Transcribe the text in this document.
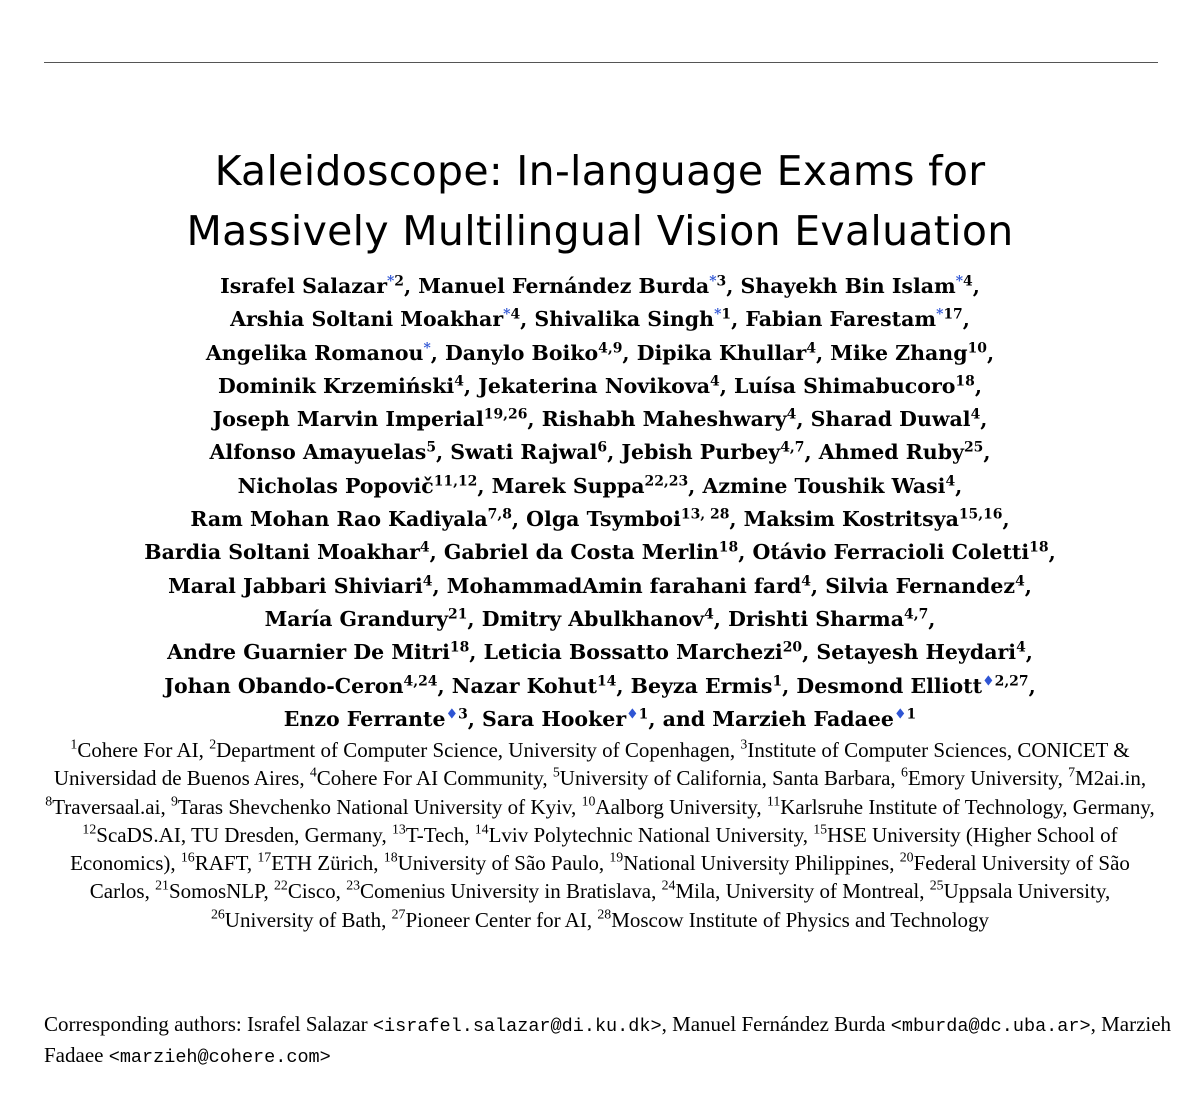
Kaleidoscope: In-language Exams for
Massively Multilingual Vision Evaluation
Israfel Salazar$^{*2}$, Manuel Fernández Burda$^{*3}$, Shayekh Bin Islam$^{*4}$,
Arshia Soltani Moakhar$^{*4}$, Shivalika Singh$^{*1}$, Fabian Farestam$^{*17}$,
Angelika Romanou*, Danylo Boiko$^{4,9}$, Dipika Khullar$^4$, Mike Zhang$^{10}$,
Dominik Krzemiński$^4$, Jekaterina Novikova$^4$, Luísa Shimabucoro$^{18}$,
Joseph Marvin Imperial$^{19,26}$, Rishabh Maheshwary$^4$, Sharad Duwal$^4$,
Alfonso Amayuelas$^5$, Swati Rajwal$^6$, Jebish Purbey$^{4,7}$, Ahmed Ruby$^{25}$,
Nicholas Popovič$^{11,12}$, Marek Suppa$^{22,23}$, Azmine Toushik Wasi$^4$,
Ram Mohan Rao Kadiyala$^{7,8}$, Olga Tsymboi$^{13, 28}$, Maksim Kostritsya$^{15,16}$,
Bardia Soltani Moakhar$^4$, Gabriel da Costa Merlin$^{18}$, Otávio Ferracioli Coletti$^{18}$,
Maral Jabbari Shiviari$^4$, MohammadAmin farahani fard$^4$, Silvia Fernandez$^4$,
María Grandury$^{21}$, Dmitry Abulkhanov$^4$, Drishti Sharma$^{4,7}$,
Andre Guarnier De Mitri$^{18}$, Leticia Bossatto Marchezi$^{20}$, Setayesh Heydari$^4$,
Johan Obando-Ceron$^{4,24}$, Nazar Kohut$^{14}$, Beyza Ermis$^1$, Desmond Elliott$^{♦2,27}$,
Enzo Ferrante$^{♦3}$, Sara Hooker$^{♦1}$, and Marzieh Fadaee$^{♦1}$
$^1$Cohere For AI, $^2$Department of Computer Science, University of Copenhagen, $^3$Institute of Computer Sciences, CONICET & Universidad de Buenos Aires, $^4$Cohere For AI Community, $^5$University of California, Santa Barbara, $^6$Emory University, $^7$M2ai.in, $^8$Traversaal.ai, $^9$Taras Shevchenko National University of Kyiv, $^{10}$Aalborg University, $^{11}$Karlsruhe Institute of Technology, Germany, $^{12}$ScaDS.AI, TU Dresden, Germany, $^{13}$T-Tech, $^{14}$Lviv Polytechnic National University, $^{15}$HSE University (Higher School of Economics), $^{16}$RAFT, $^{17}$ETH Zürich, $^{18}$University of São Paulo, $^{19}$National University Philippines, $^{20}$Federal University of São Carlos, $^{21}$SomosNLP, $^{22}$Cisco, $^{23}$Comenius University in Bratislava, $^{24}$Mila, University of Montreal, $^{25}$Uppsala University, $^{26}$University of Bath, $^{27}$Pioneer Center for AI, $^{28}$Moscow Institute of Physics and Technology
Corresponding authors: Israfel Salazar <israfel.salazar@di.ku.dk>, Manuel Fernández Burda <mburda@dc.uba.ar>, Marzieh Fadaee <marzieh@cohere.com>
